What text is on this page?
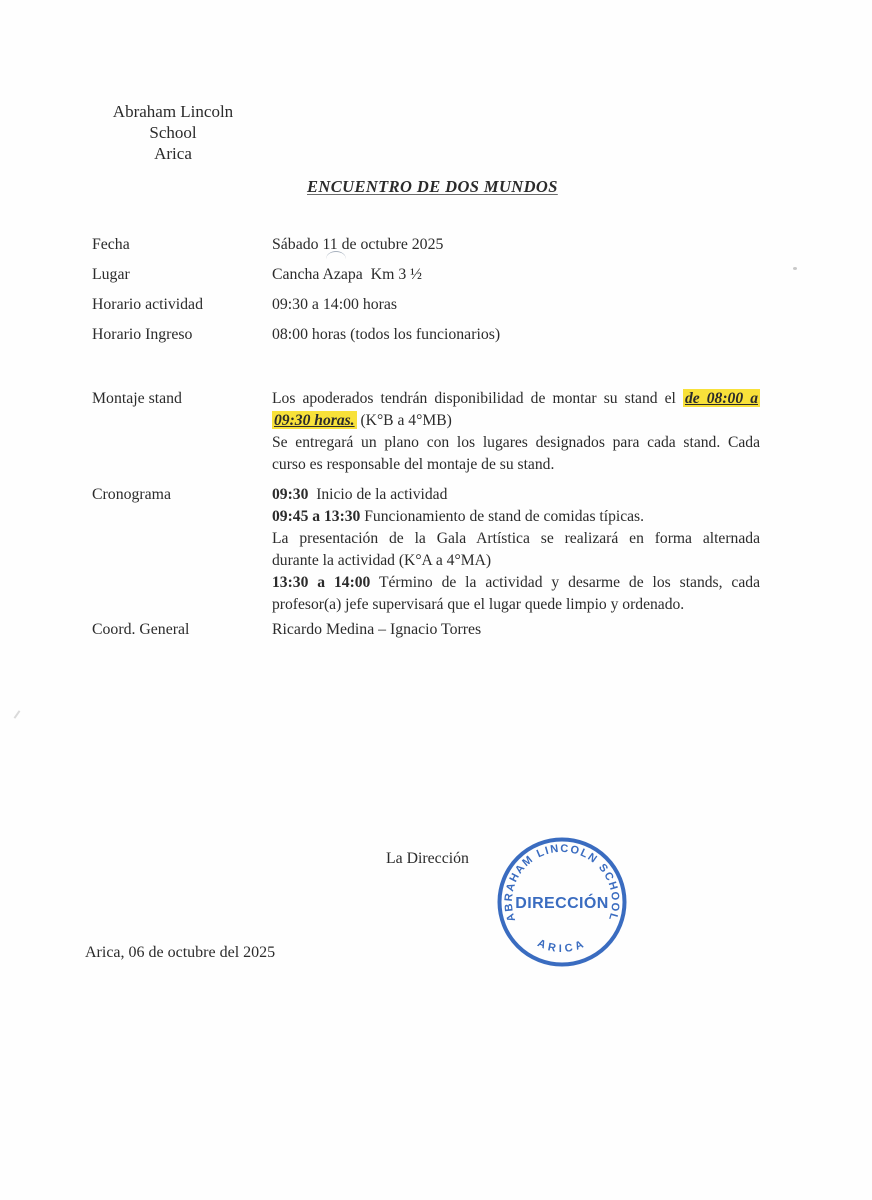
Abraham Lincoln School
Arica
ENCUENTRO DE DOS MUNDOS
Fecha	Sábado 11 de octubre 2025
Lugar	Cancha Azapa  Km 3 ½
Horario actividad	09:30 a 14:00 horas
Horario Ingreso	08:00 horas (todos los funcionarios)
Montaje stand	Los apoderados tendrán disponibilidad de montar su stand el de 08:00 a
09:30 horas. (K°B a 4°MB)
Se entregará un plano con los lugares designados para cada stand. Cada
curso es responsable del montaje de su stand.
Cronograma	09:30  Inicio de la actividad
09:45 a 13:30 Funcionamiento de stand de comidas típicas.
La presentación de la Gala Artística se realizará en forma alternada
durante la actividad (K°A a 4°MA)
13:30 a 14:00 Término de la actividad y desarme de los stands, cada
profesor(a) jefe supervisará que el lugar quede limpio y ordenado.
Coord. General	Ricardo Medina – Ignacio Torres
La Dirección
ABRAHAM LINCOLN SCHOOL
ARICA
DIRECCIÓN
Arica, 06 de octubre del 2025
